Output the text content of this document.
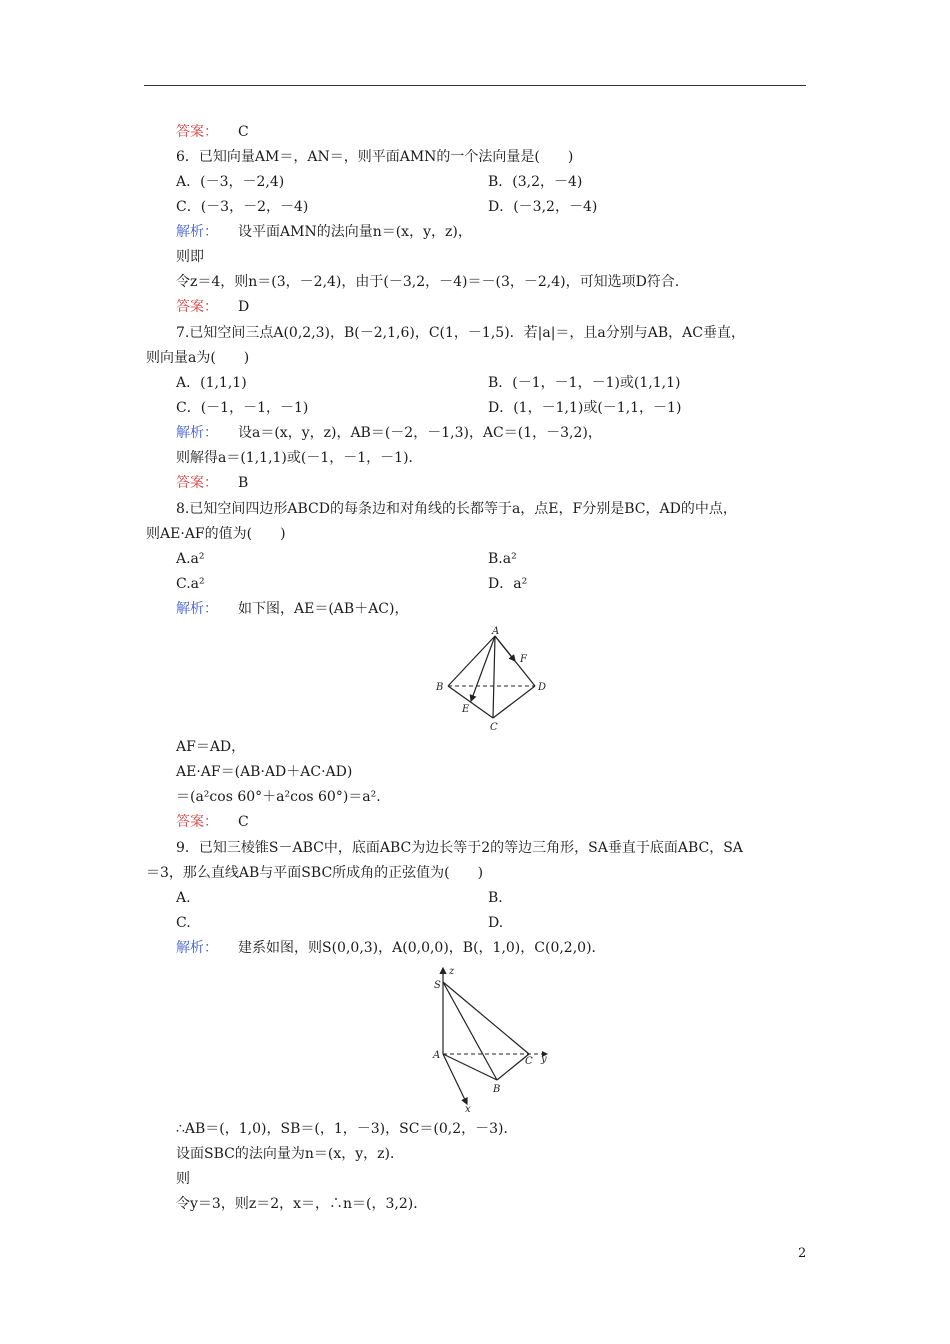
答案： C
6．已知向量AM＝，AN＝，则平面AMN的一个法向量是(　　)
A．(－3，－2,4)	B．(3,2，－4)
C．(－3，－2，－4)	D．(－3,2，－4)
解析： 设平面AMN的法向量n＝(x，y，z)，
则即
令z＝4，则n＝(3，－2,4)，由于(－3,2，－4)＝－(3，－2,4)，可知选项D符合.
答案： D
7.已知空间三点A(0,2,3)，B(－2,1,6)，C(1，－1,5)．若|a|＝，且a分别与AB，AC垂直，
则向量a为(　　)
A．(1,1,1)	B．(－1，－1，－1)或(1,1,1)
C．(－1，－1，－1)	D．(1，－1,1)或(－1,1，－1)
解析： 设a＝(x，y，z)，AB＝(－2，－1,3)，AC＝(1，－3,2)，
则解得a＝(1,1,1)或(－1，－1，－1)．
答案： B
8.已知空间四边形ABCD的每条边和对角线的长都等于a，点E，F分别是BC，AD的中点，
则AE·AF的值为(　　)
A.a²	B.a²
C.a²	D．a²
解析： 如下图，AE＝(AB＋AC)，
A
F
B	D
E
C
AF＝AD，
AE·AF＝(AB·AD＋AC·AD)
＝(a²cos 60°＋a²cos 60°)＝a².
答案： C
9．已知三棱锥S－ABC中，底面ABC为边长等于2的等边三角形，SA垂直于底面ABC，SA
＝3，那么直线AB与平面SBC所成角的正弦值为(　　)
A.	B.
C.	D.
解析： 建系如图，则S(0,0,3)，A(0,0,0)，B(，1,0)，C(0,2,0)．
z
S
A
C y
B
x
∴AB＝(，1,0)，SB＝(，1，－3)，SC＝(0,2，－3)．
设面SBC的法向量为n＝(x，y，z)．
则
令y＝3，则z＝2，x＝，∴n＝(，3,2)．
2
